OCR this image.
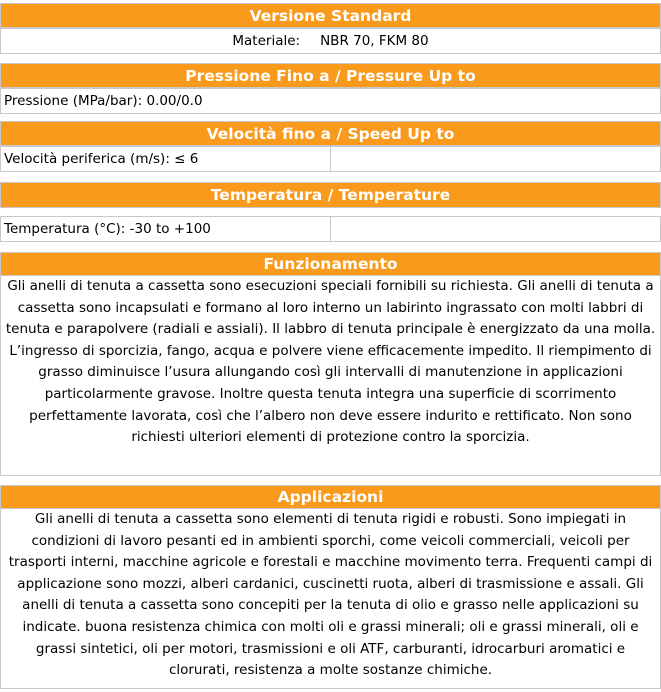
Versione Standard
Materiale: NBR 70, FKM 80
Pressione Fino a / Pressure Up to
Pressione (MPa/bar): 0.00/0.0
Velocità fino a / Speed Up to
Velocità periferica (m/s): ≤ 6
Temperatura / Temperature
Temperatura (°C): -30 to +100
Funzionamento
Gli anelli di tenuta a cassetta sono esecuzioni speciali fornibili su richiesta. Gli anelli di tenuta a cassetta sono incapsulati e formano al loro interno un labirinto ingrassato con molti labbri di tenuta e parapolvere (radiali e assiali). Il labbro di tenuta principale è energizzato da una molla. L’ingresso di sporcizia, fango, acqua e polvere viene efficacemente impedito. Il riempimento di grasso diminuisce l’usura allungando così gli intervalli di manutenzione in applicazioni particolarmente gravose. Inoltre questa tenuta integra una superficie di scorrimento perfettamente lavorata, così che l’albero non deve essere indurito e rettificato. Non sono richiesti ulteriori elementi di protezione contro la sporcizia.
Applicazioni
Gli anelli di tenuta a cassetta sono elementi di tenuta rigidi e robusti. Sono impiegati in condizioni di lavoro pesanti ed in ambienti sporchi, come veicoli commerciali, veicoli per trasporti interni, macchine agricole e forestali e macchine movimento terra. Frequenti campi di applicazione sono mozzi, alberi cardanici, cuscinetti ruota, alberi di trasmissione e assali. Gli anelli di tenuta a cassetta sono concepiti per la tenuta di olio e grasso nelle applicazioni su indicate. buona resistenza chimica con molti oli e grassi minerali; oli e grassi minerali, oli e grassi sintetici, oli per motori, trasmissioni e oli ATF, carburanti, idrocarburi aromatici e clorurati, resistenza a molte sostanze chimiche.
